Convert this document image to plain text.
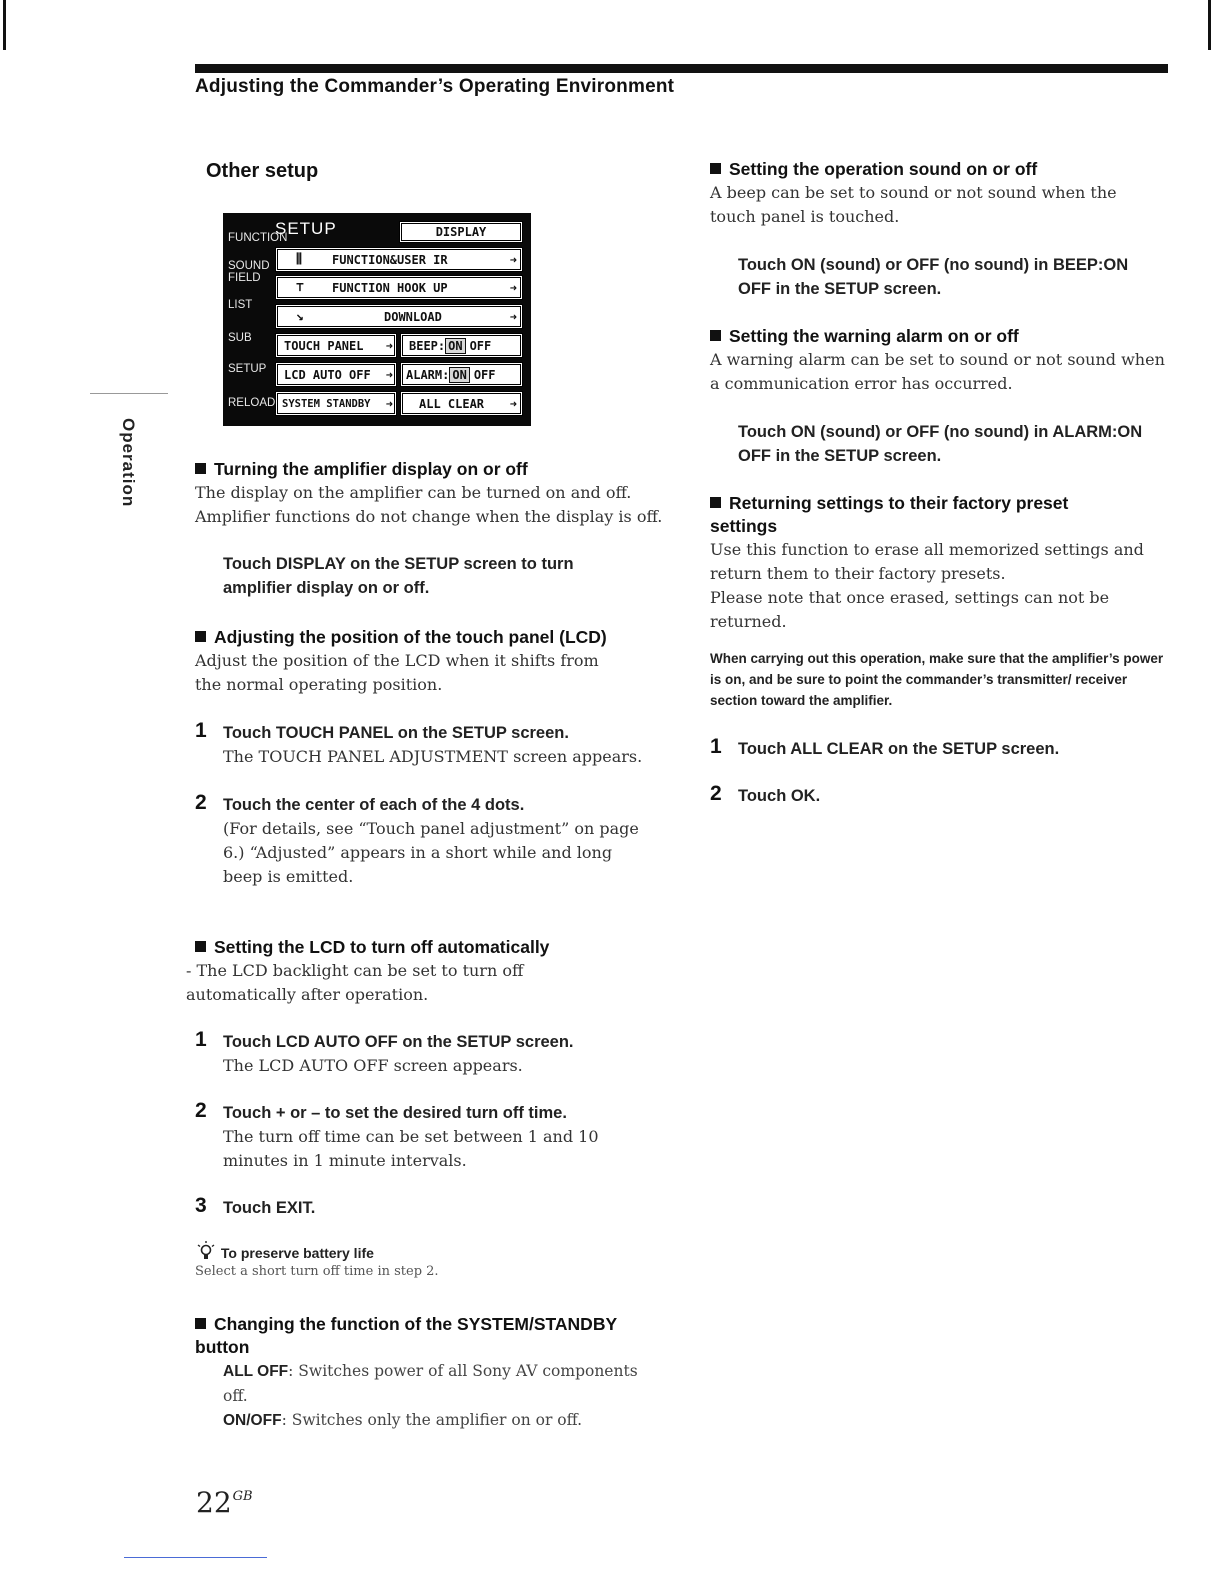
Adjusting the Commander’s Operating Environment
Operation
Other setup
FUNCTION
SOUND FIELD
LIST
SUB
SETUP
RELOAD
SETUP	DISPLAY
⫼	FUNCTION&USER IR	➜
⊤ FUNCTION HOOK UP	➜
↘	DOWNLOAD	➜
TOUCH PANEL ➜ BEEP: ON OFF
LCD AUTO OFF ➜ ALARM: ON OFF
SYSTEM STANDBY ➜ ALL CLEAR ➜
Turning the amplifier display on or off

The display on the amplifier can be turned on and off.

Amplifier functions do not change when the display is off.

Touch DISPLAY on the SETUP screen to turn amplifier display on or off.

Adjusting the position of the touch panel (LCD)

Adjust the position of the LCD when it shifts from the normal operating position.

1 Touch TOUCH PANEL on the SETUP screen.
The TOUCH PANEL ADJUSTMENT screen appears.
2 Touch the center of each of the 4 dots.
(For details, see “Touch panel adjustment” on page 6.) “Adjusted” appears in a short while and long beep is emitted.
Setting the LCD to turn off automatically

- The LCD backlight can be set to turn off automatically after operation.

1 Touch LCD AUTO OFF on the SETUP screen.
The LCD AUTO OFF screen appears.
2 Touch + or – to set the desired turn off time.
The turn off time can be set between 1 and 10 minutes in 1 minute intervals.
3 Touch EXIT.
To preserve battery life
Select a short turn off time in step 2.
Changing the function of the SYSTEM/STANDBY button
ALL OFF: Switches power of all Sony AV components off.
ON/OFF: Switches only the amplifier on or off.
Setting the operation sound on or off

A beep can be set to sound or not sound when the touch panel is touched.

Touch ON (sound) or OFF (no sound) in BEEP:ON OFF in the SETUP screen.

Setting the warning alarm on or off

A warning alarm can be set to sound or not sound when a communication error has occurred.

Touch ON (sound) or OFF (no sound) in ALARM:ON OFF in the SETUP screen.

Returning settings to their factory preset settings

Use this function to erase all memorized settings and return them to their factory presets.

Please note that once erased, settings can not be returned.

When carrying out this operation, make sure that the amplifier’s power is on, and be sure to point the commander’s transmitter/ receiver section toward the amplifier.

1 Touch ALL CLEAR on the SETUP screen.
2 Touch OK.
$22^{GB}$
